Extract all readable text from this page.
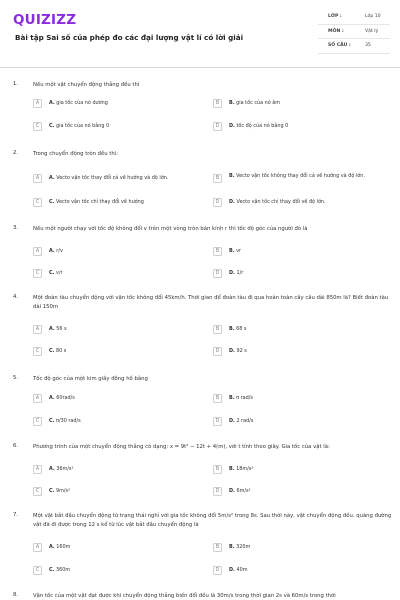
QUIZIZZ
Bài tập Sai số của phép đo các đại lượng vật lí có lời giải
LỚP :	Lớp 10
MÔN :	Vật lý
SỐ CÂU :	35
1.	Nếu một vật chuyển động thẳng đều thì
A	A. gia tốc của nó dương	B	B. gia tốc của nó âm
C	C. gia tốc của nó bằng 0	D	D. tốc độ của nó bằng 0
2.	Trong chuyển động tròn đều thì:
A	A. Vecto vận tốc thay đổi cả về hướng và độ lớn.	B	B. Vecto vận tốc không thay đổi cả về hướng và độ lớn.
C	C. Vecto vận tốc chỉ thay đổi về hướng	D	D. Vecto vận tốc chỉ thay đổi về độ lớn.
3.	Nếu một người chạy với tốc độ không đổi v trên một vòng tròn bán kính r thì tốc độ góc của người đó là
A	A. r/v	B	B. vr
C	C. v/r	D	D. 1/r
4.	Một đoàn tàu chuyển động với vận tốc không đổi 45km/h. Thời gian để đoàn tàu đi qua hoàn toàn cây cầu dài 850m là? Biết đoàn tàu dài 150m
A	A. 56 s	B	B. 68 s
C	C. 80 s	D	D. 92 s
5.	Tốc độ góc của một kim giây đồng hồ bằng
A	A. 60rad/s	B	B. π rad/s
C	C. π/30 rad/s	D	D. 2 rad/s
6.	Phương trình của một chuyển động thẳng có dạng: x = 9t² − 12t + 4(m), với t tính theo giây. Gia tốc của vật là:
A	A. 36m/s²	B	B. 18m/s²
C	C. 9m/s²	D	D. 6m/s²
7.	Một vật bắt đầu chuyển động từ trạng thái nghỉ với gia tốc không đổi 5m/s² trong 8s. Sau thời này, vật chuyển động đều. quãng đường vật đã đi được trong 12 s kể từ lúc vật bắt đầu chuyển động là
A	A. 160m	B	B. 320m
C	C. 360m	D	D. 40m
8.	Vận tốc của một vật đạt được khi chuyển động thẳng biến đổi đều là 30m/s trong thời gian 2s và 60m/s trong thời
